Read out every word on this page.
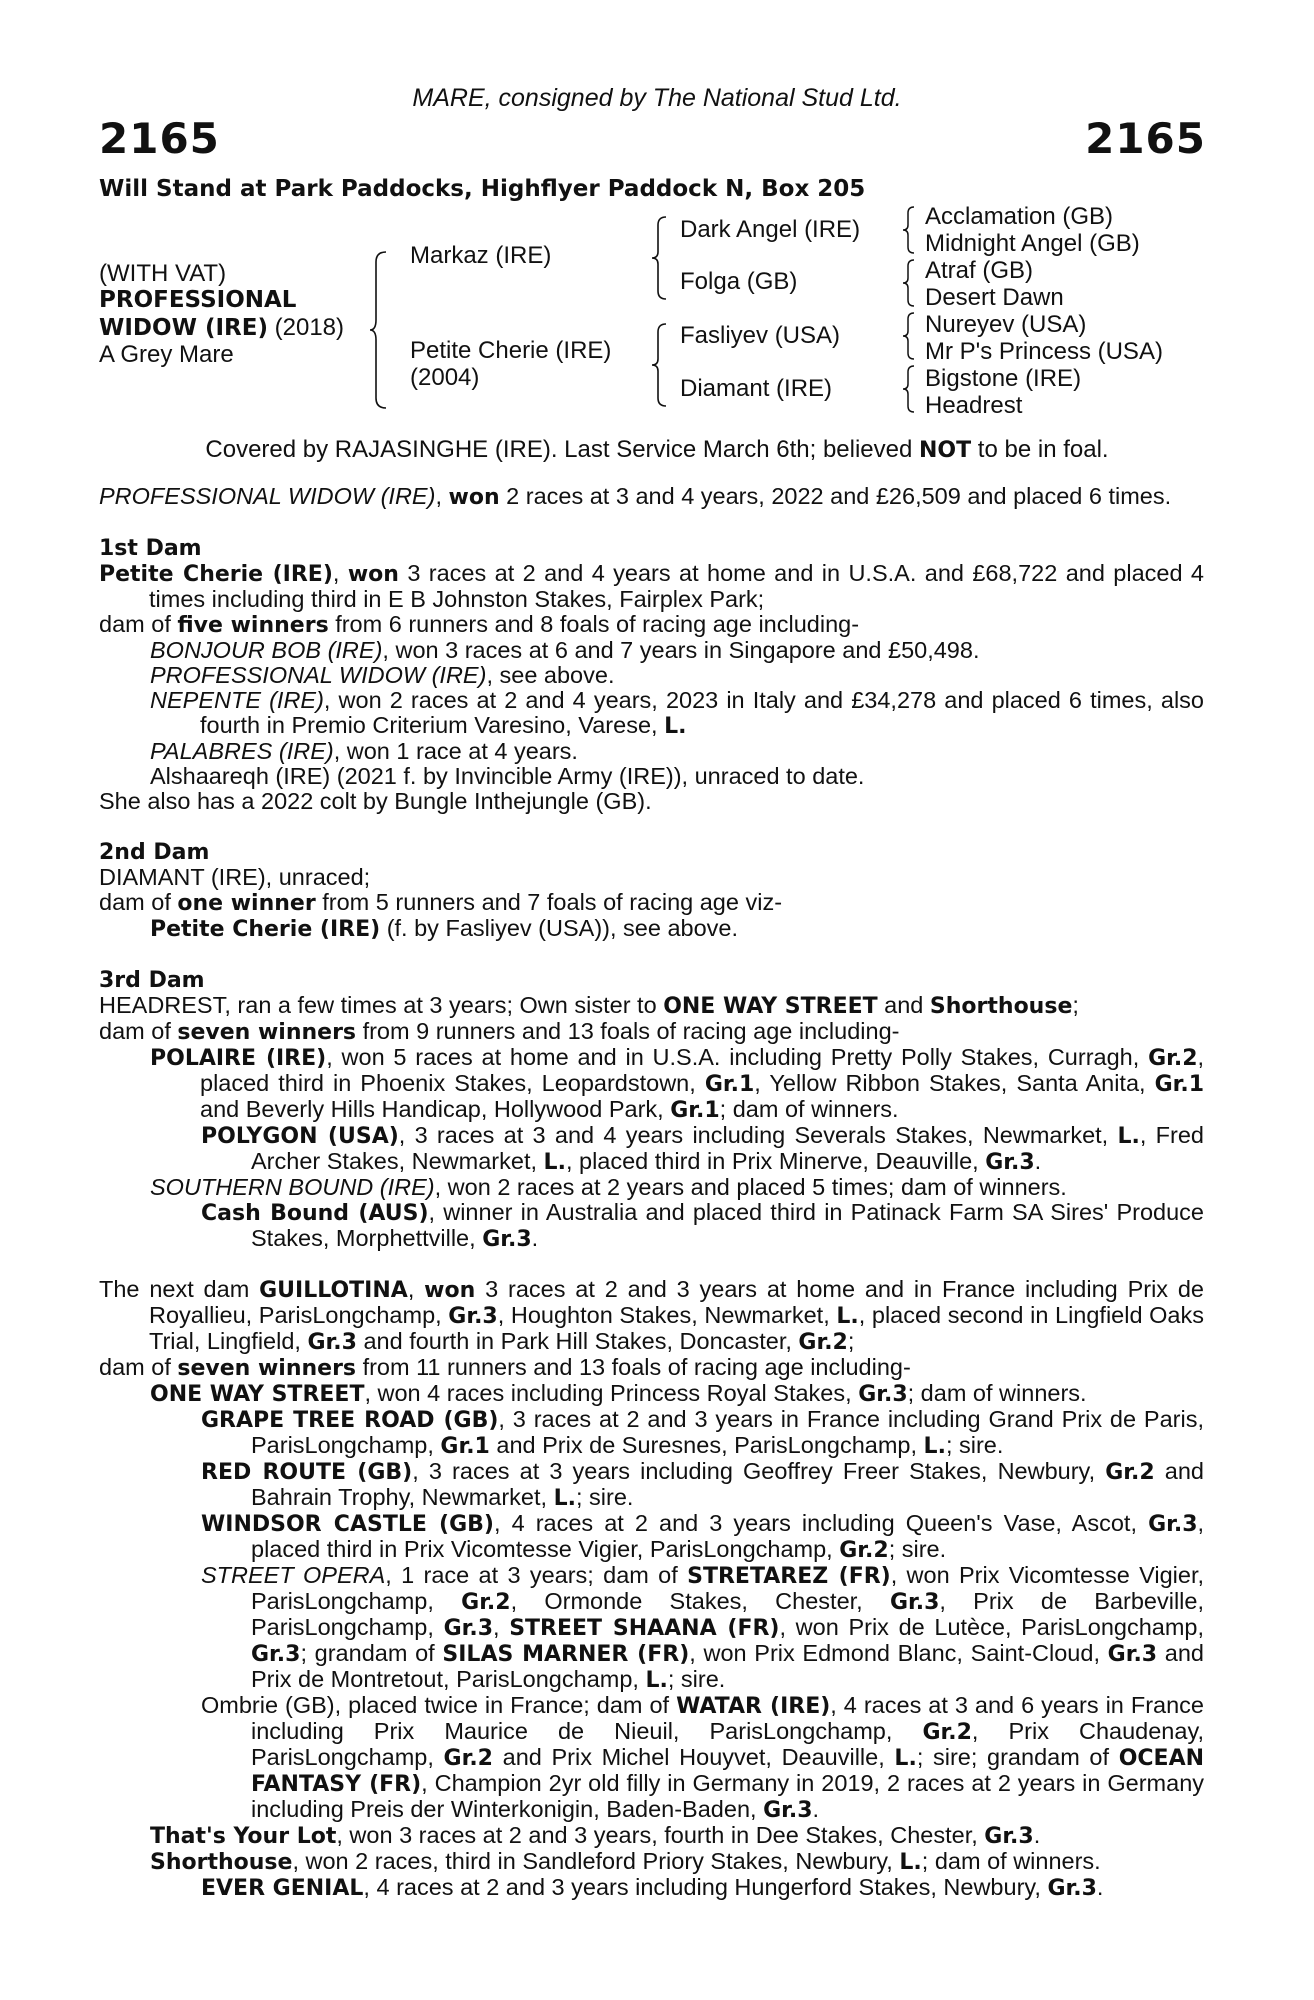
MARE, consigned by The National Stud Ltd.
2165	2165
Will Stand at Park Paddocks, Highflyer Paddock N, Box 205
(WITH VAT)
PROFESSIONAL
WIDOW (IRE) (2018)
A Grey Mare
Markaz (IRE)
Petite Cherie (IRE)
(2004)
Dark Angel (IRE)
Folga (GB)
Fasliyev (USA)
Diamant (IRE)
Acclamation (GB)
Midnight Angel (GB)
Atraf (GB)
Desert Dawn
Nureyev (USA)
Mr P's Princess (USA)
Bigstone (IRE)
Headrest
Covered by RAJASINGHE (IRE). Last Service March 6th; believed NOT to be in foal.

PROFESSIONAL WIDOW (IRE), won 2 races at 3 and 4 years, 2022 and £26,509 and placed 6 times.

1st Dam

Petite Cherie (IRE), won 3 races at 2 and 4 years at home and in U.S.A. and £68,722 and placed 4 times including third in E B Johnston Stakes, Fairplex Park;

dam of five winners from 6 runners and 8 foals of racing age including-

BONJOUR BOB (IRE), won 3 races at 6 and 7 years in Singapore and £50,498.

PROFESSIONAL WIDOW (IRE), see above.

NEPENTE (IRE), won 2 races at 2 and 4 years, 2023 in Italy and £34,278 and placed 6 times, also fourth in Premio Criterium Varesino, Varese, L.

PALABRES (IRE), won 1 race at 4 years.

Alshaareqh (IRE) (2021 f. by Invincible Army (IRE)), unraced to date.

She also has a 2022 colt by Bungle Inthejungle (GB).

2nd Dam

DIAMANT (IRE), unraced;

dam of one winner from 5 runners and 7 foals of racing age viz-

Petite Cherie (IRE) (f. by Fasliyev (USA)), see above.

3rd Dam

HEADREST, ran a few times at 3 years; Own sister to ONE WAY STREET and Shorthouse;

dam of seven winners from 9 runners and 13 foals of racing age including-

POLAIRE (IRE), won 5 races at home and in U.S.A. including Pretty Polly Stakes, Curragh, Gr.2, placed third in Phoenix Stakes, Leopardstown, Gr.1, Yellow Ribbon Stakes, Santa Anita, Gr.1 and Beverly Hills Handicap, Hollywood Park, Gr.1; dam of winners.

POLYGON (USA), 3 races at 3 and 4 years including Severals Stakes, Newmarket, L., Fred Archer Stakes, Newmarket, L., placed third in Prix Minerve, Deauville, Gr.3.

SOUTHERN BOUND (IRE), won 2 races at 2 years and placed 5 times; dam of winners.

Cash Bound (AUS), winner in Australia and placed third in Patinack Farm SA Sires' Produce Stakes, Morphettville, Gr.3.

The next dam GUILLOTINA, won 3 races at 2 and 3 years at home and in France including Prix de Royallieu, ParisLongchamp, Gr.3, Houghton Stakes, Newmarket, L., placed second in Lingfield Oaks Trial, Lingfield, Gr.3 and fourth in Park Hill Stakes, Doncaster, Gr.2;

dam of seven winners from 11 runners and 13 foals of racing age including-

ONE WAY STREET, won 4 races including Princess Royal Stakes, Gr.3; dam of winners.

GRAPE TREE ROAD (GB), 3 races at 2 and 3 years in France including Grand Prix de Paris, ParisLongchamp, Gr.1 and Prix de Suresnes, ParisLongchamp, L.; sire.

RED ROUTE (GB), 3 races at 3 years including Geoffrey Freer Stakes, Newbury, Gr.2 and Bahrain Trophy, Newmarket, L.; sire.

WINDSOR CASTLE (GB), 4 races at 2 and 3 years including Queen's Vase, Ascot, Gr.3, placed third in Prix Vicomtesse Vigier, ParisLongchamp, Gr.2; sire.

STREET OPERA, 1 race at 3 years; dam of STRETAREZ (FR), won Prix Vicomtesse Vigier, ParisLongchamp, Gr.2, Ormonde Stakes, Chester, Gr.3, Prix de Barbeville, ParisLongchamp, Gr.3, STREET SHAANA (FR), won Prix de Lutèce, ParisLongchamp, Gr.3; grandam of SILAS MARNER (FR), won Prix Edmond Blanc, Saint-Cloud, Gr.3 and Prix de Montretout, ParisLongchamp, L.; sire.

Ombrie (GB), placed twice in France; dam of WATAR (IRE), 4 races at 3 and 6 years in France including Prix Maurice de Nieuil, ParisLongchamp, Gr.2, Prix Chaudenay, ParisLongchamp, Gr.2 and Prix Michel Houyvet, Deauville, L.; sire; grandam of OCEAN FANTASY (FR), Champion 2yr old filly in Germany in 2019, 2 races at 2 years in Germany including Preis der Winterkonigin, Baden-Baden, Gr.3.

That's Your Lot, won 3 races at 2 and 3 years, fourth in Dee Stakes, Chester, Gr.3.

Shorthouse, won 2 races, third in Sandleford Priory Stakes, Newbury, L.; dam of winners.

EVER GENIAL, 4 races at 2 and 3 years including Hungerford Stakes, Newbury, Gr.3.
